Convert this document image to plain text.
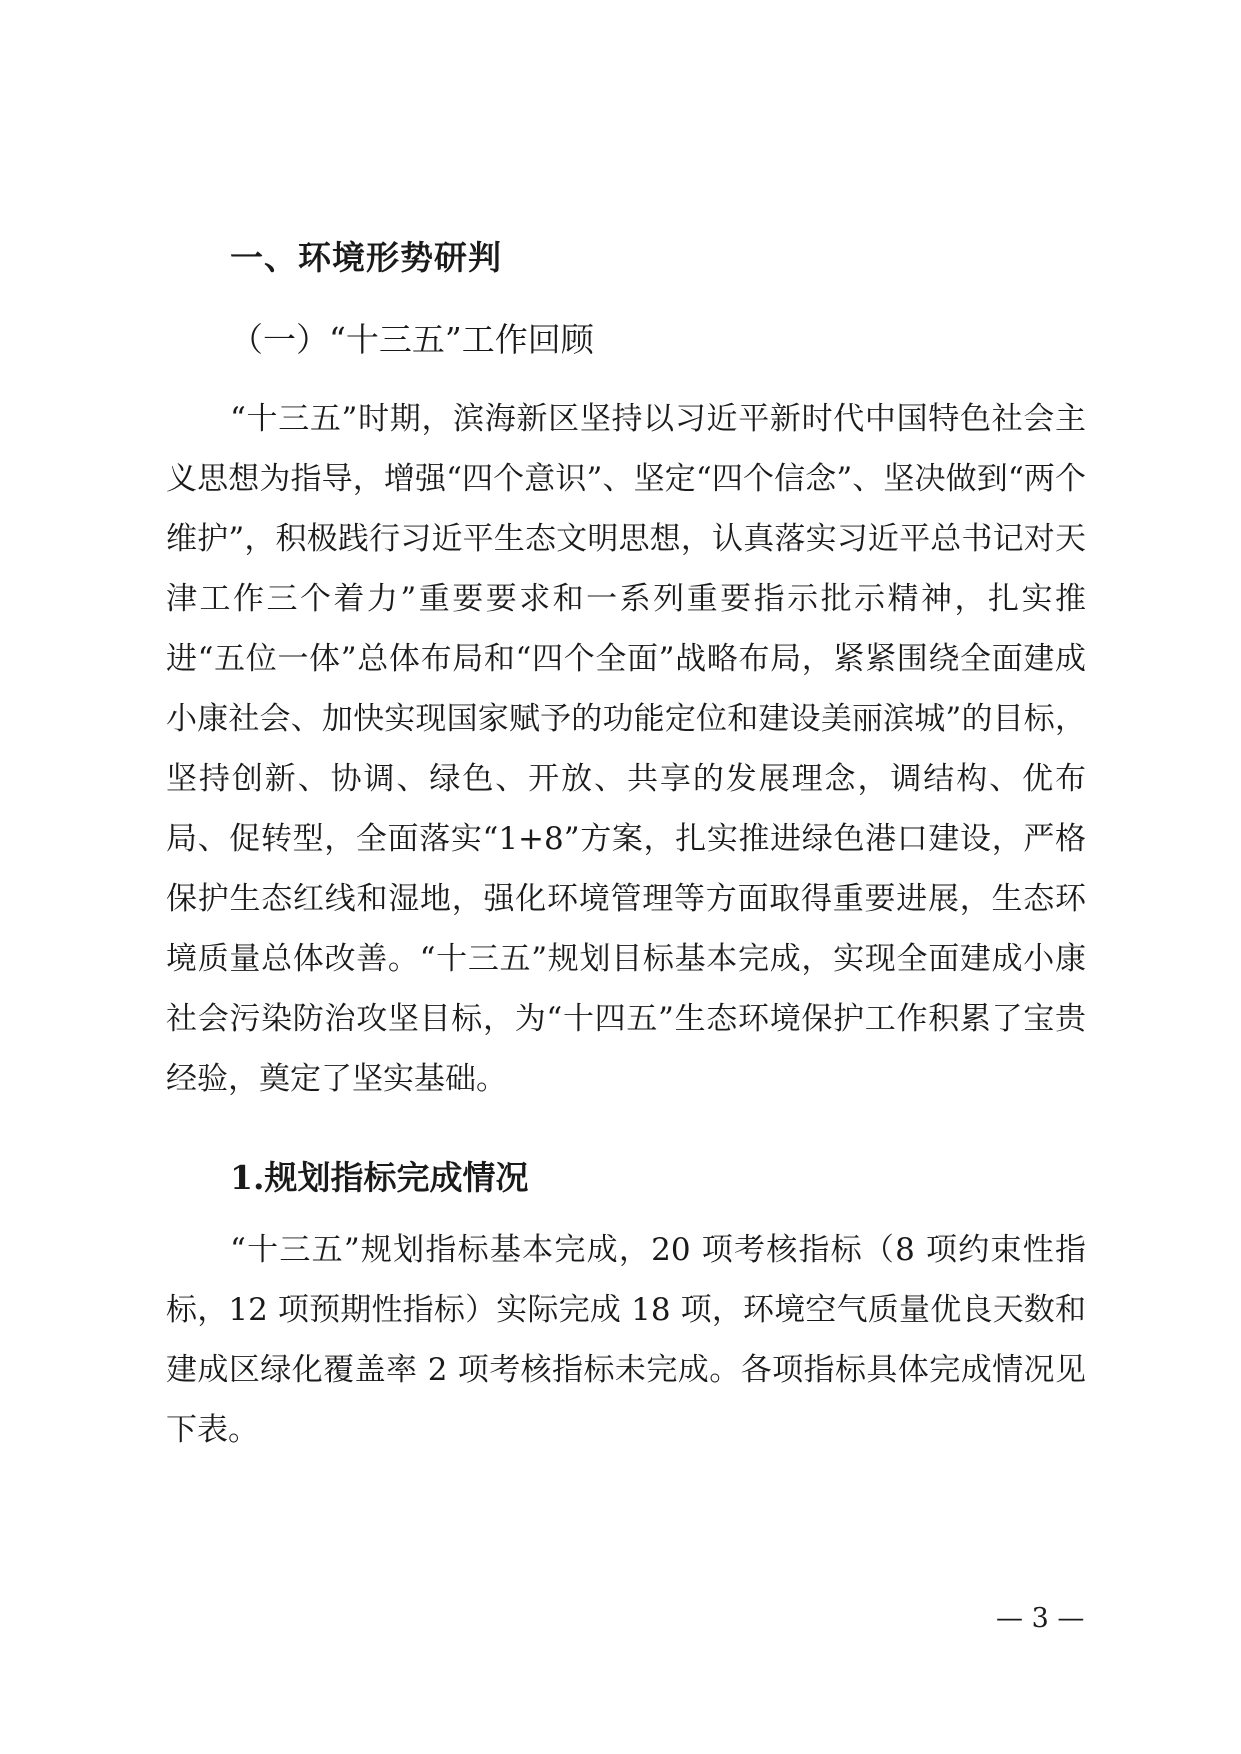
一、环境形势研判
（一）“十三五”工作回顾

“十三五”时期，滨海新区坚持以习近平新时代中国特色社会主义思想为指导，增强“四个意识”、坚定“四个信念”、坚决做到“两个维护”，积极践行习近平生态文明思想，认真落实习近平总书记对天津工作三个着力”重要要求和一系列重要指示批示精神，扎实推进“五位一体”总体布局和“四个全面”战略布局，紧紧围绕全面建成小康社会、加快实现国家赋予的功能定位和建设美丽滨城”的目标，坚持创新、协调、绿色、开放、共享的发展理念，调结构、优布局、促转型，全面落实“1+8”方案，扎实推进绿色港口建设，严格保护生态红线和湿地，强化环境管理等方面取得重要进展，生态环境质量总体改善。“十三五”规划目标基本完成，实现全面建成小康社会污染防治攻坚目标，为“十四五”生态环境保护工作积累了宝贵经验，奠定了坚实基础。

1.规划指标完成情况

“十三五”规划指标基本完成，20 项考核指标（8 项约束性指标，12 项预期性指标）实际完成 18 项，环境空气质量优良天数和建成区绿化覆盖率 2 项考核指标未完成。各项指标具体完成情况见下表。

— 3 —
